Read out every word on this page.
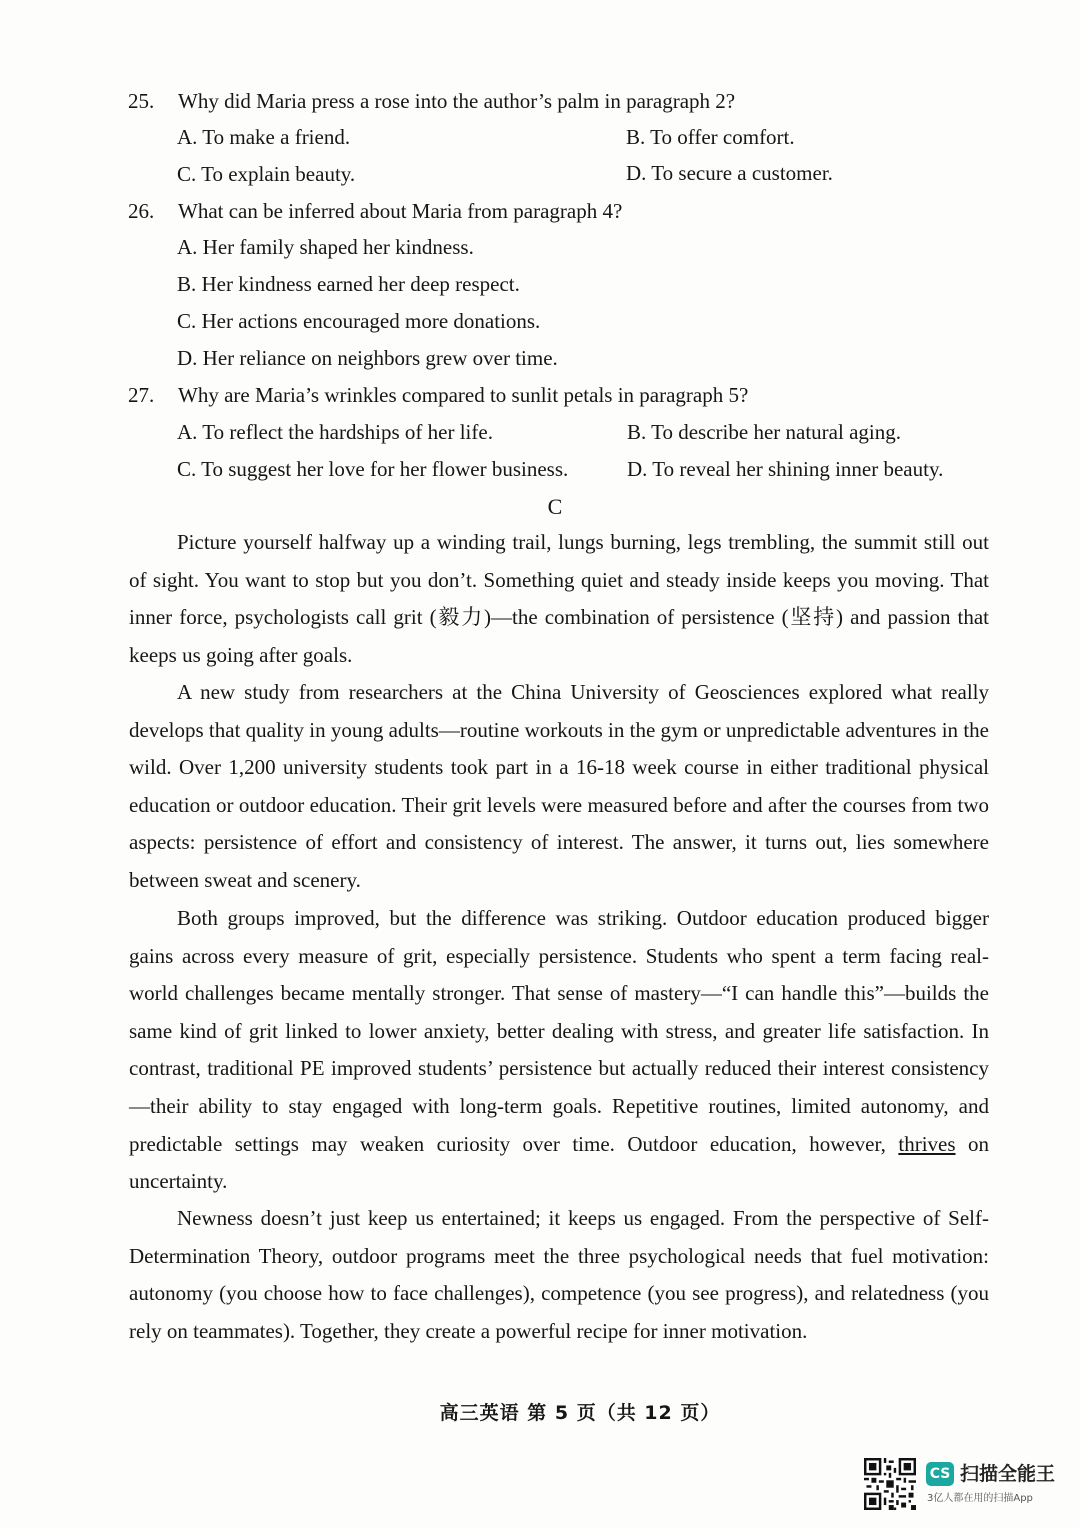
25. Why did Maria press a rose into the author’s palm in paragraph 2?
A. To make a friend.	B. To offer comfort.
C. To explain beauty.	D. To secure a customer.
26. What can be inferred about Maria from paragraph 4?
A. Her family shaped her kindness.
B. Her kindness earned her deep respect.
C. Her actions encouraged more donations.
D. Her reliance on neighbors grew over time.
27. Why are Maria’s wrinkles compared to sunlit petals in paragraph 5?
A. To reflect the hardships of her life.	B. To describe her natural aging.
C. To suggest her love for her flower business.	D. To reveal her shining inner beauty.
C
Picture yourself halfway up a winding trail, lungs burning, legs trembling, the summit still out of sight. You want to stop but you don’t. Something quiet and steady inside keeps you moving. That inner force, psychologists call grit (毅力)—the combination of persistence (坚持) and passion that keeps us going after goals.
A new study from researchers at the China University of Geosciences explored what really develops that quality in young adults—routine workouts in the gym or unpredictable adventures in the wild. Over 1,200 university students took part in a 16-18 week course in either traditional physical education or outdoor education. Their grit levels were measured before and after the courses from two aspects: persistence of effort and consistency of interest. The answer, it turns out, lies somewhere between sweat and scenery.
Both groups improved, but the difference was striking. Outdoor education produced bigger gains across every measure of grit, especially persistence. Students who spent a term facing real-world challenges became mentally stronger. That sense of mastery—“I can handle this”—builds the same kind of grit linked to lower anxiety, better dealing with stress, and greater life satisfaction. In contrast, traditional PE improved students’ persistence but actually reduced their interest consistency—their ability to stay engaged with long-term goals. Repetitive routines, limited autonomy, and predictable settings may weaken curiosity over time. Outdoor education, however, thrives on uncertainty.
Newness doesn’t just keep us entertained; it keeps us engaged. From the perspective of Self-Determination Theory, outdoor programs meet the three psychological needs that fuel motivation: autonomy (you choose how to face challenges), competence (you see progress), and relatedness (you rely on teammates). Together, they create a powerful recipe for inner motivation.
高三英语 第 5 页（共 12 页）
CS 扫描全能王
3亿人都在用的扫描App
